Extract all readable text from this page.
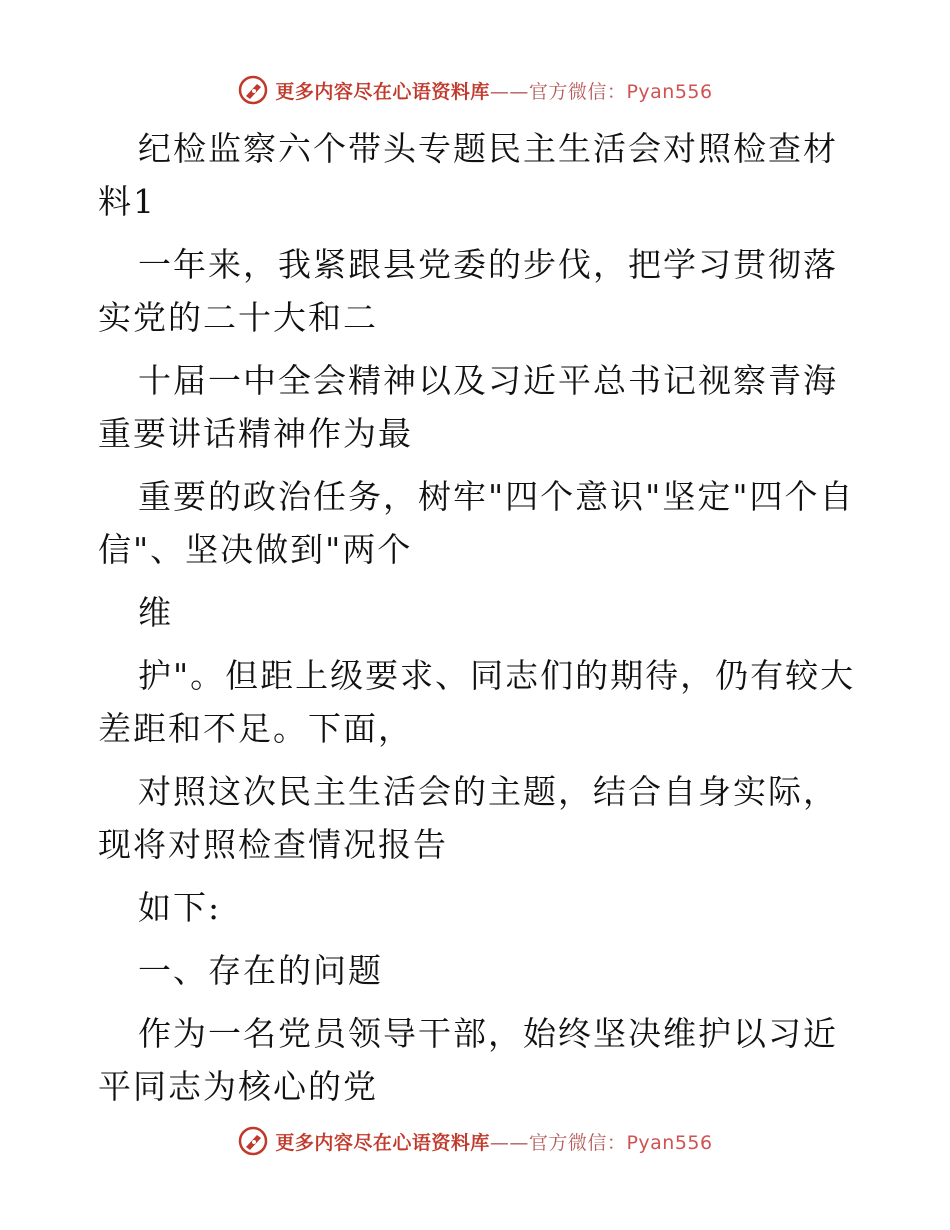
更多内容尽在心语资料库——官方微信：Pyan556

纪检监察六个带头专题民主生活会对照检查材料1

一年来，我紧跟县党委的步伐，把学习贯彻落实党的二十大和二

十届一中全会精神以及习近平总书记视察青海重要讲话精神作为最

重要的政治任务，树牢"四个意识"坚定"四个自信"、坚决做到"两个

维

护"。但距上级要求、同志们的期待，仍有较大差距和不足。下面，

对照这次民主生活会的主题，结合自身实际，现将对照检查情况报告

如下:

一、存在的问题

作为一名党员领导干部，始终坚决维护以习近平同志为核心的党

更多内容尽在心语资料库——官方微信：Pyan556
